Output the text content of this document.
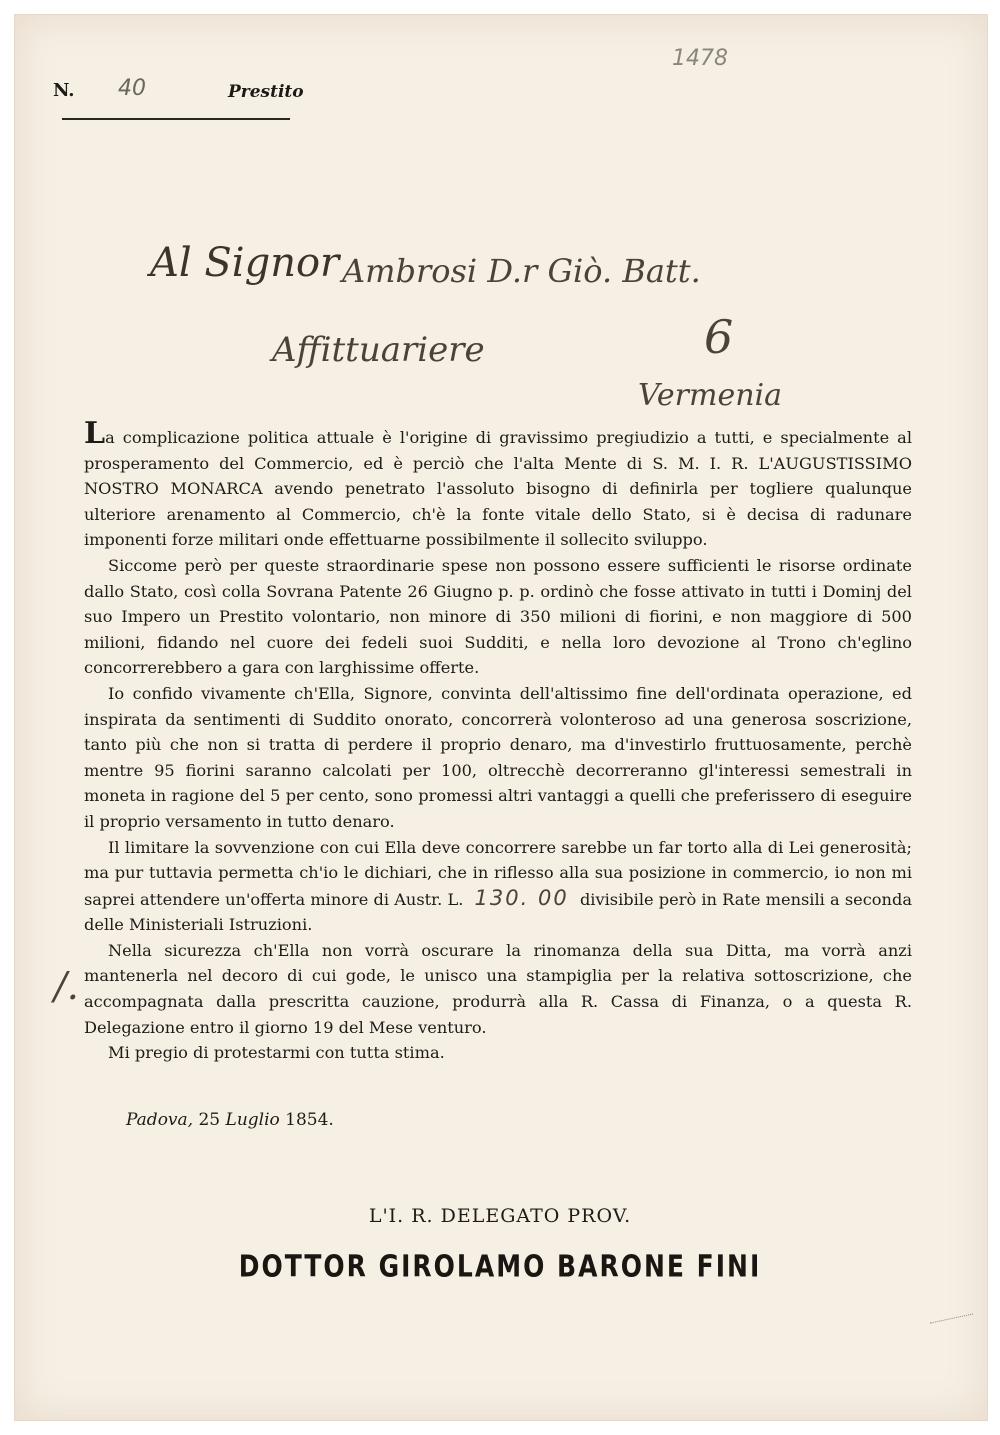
N. 40	Prestito
1478
Al Signor Ambrosi D.r Giò. Batt.
Affittuariere	6
Vermenia

La complicazione politica attuale è l'origine di gravissimo pregiudizio a tutti, e specialmente al prosperamento del Commercio, ed è perciò che l'alta Mente di S. M. I. R. L'AUGUSTISSIMO NOSTRO MONARCA avendo penetrato l'assoluto bisogno di definirla per togliere qualunque ulteriore arenamento al Commercio, ch'è la fonte vitale dello Stato, si è decisa di radunare imponenti forze militari onde effettuarne possibilmente il sollecito sviluppo.

Siccome però per queste straordinarie spese non possono essere sufficienti le risorse ordinate dallo Stato, così colla Sovrana Patente 26 Giugno p. p. ordinò che fosse attivato in tutti i Dominj del suo Impero un Prestito volontario, non minore di 350 milioni di fiorini, e non maggiore di 500 milioni, fidando nel cuore dei fedeli suoi Sudditi, e nella loro devozione al Trono ch'eglino concorrerebbero a gara con larghissime offerte.

Io confido vivamente ch'Ella, Signore, convinta dell'altissimo fine dell'ordinata operazione, ed inspirata da sentimenti di Suddito onorato, concorrerà volonteroso ad una generosa soscrizione, tanto più che non si tratta di perdere il proprio denaro, ma d'investirlo fruttuosamente, perchè mentre 95 fiorini saranno calcolati per 100, oltrecchè decorreranno gl'interessi semestrali in moneta in ragione del 5 per cento, sono promessi altri vantaggi a quelli che preferissero di eseguire il proprio versamento in tutto denaro.

Il limitare la sovvenzione con cui Ella deve concorrere sarebbe un far torto alla di Lei generosità; ma pur tuttavia permetta ch'io le dichiari, che in riflesso alla sua posizione in commercio, io non mi saprei attendere un'offerta minore di Austr. L. 130. 00 divisibile però in Rate mensili a seconda delle Ministeriali Istruzioni.

Nella sicurezza ch'Ella non vorrà oscurare la rinomanza della sua Ditta, ma vorrà anzi mantenerla nel decoro di cui gode, le unisco una stampiglia per la relativa sottoscrizione, che accompagnata dalla prescritta cauzione, produrrà alla R. Cassa di Finanza, o a questa R. Delegazione entro il giorno 19 del Mese venturo.

Mi pregio di protestarmi con tutta stima.

/.
Padova, 25 Luglio 1854.
L'I. R. DELEGATO PROV.
DOTTOR GIROLAMO BARONE FINI
